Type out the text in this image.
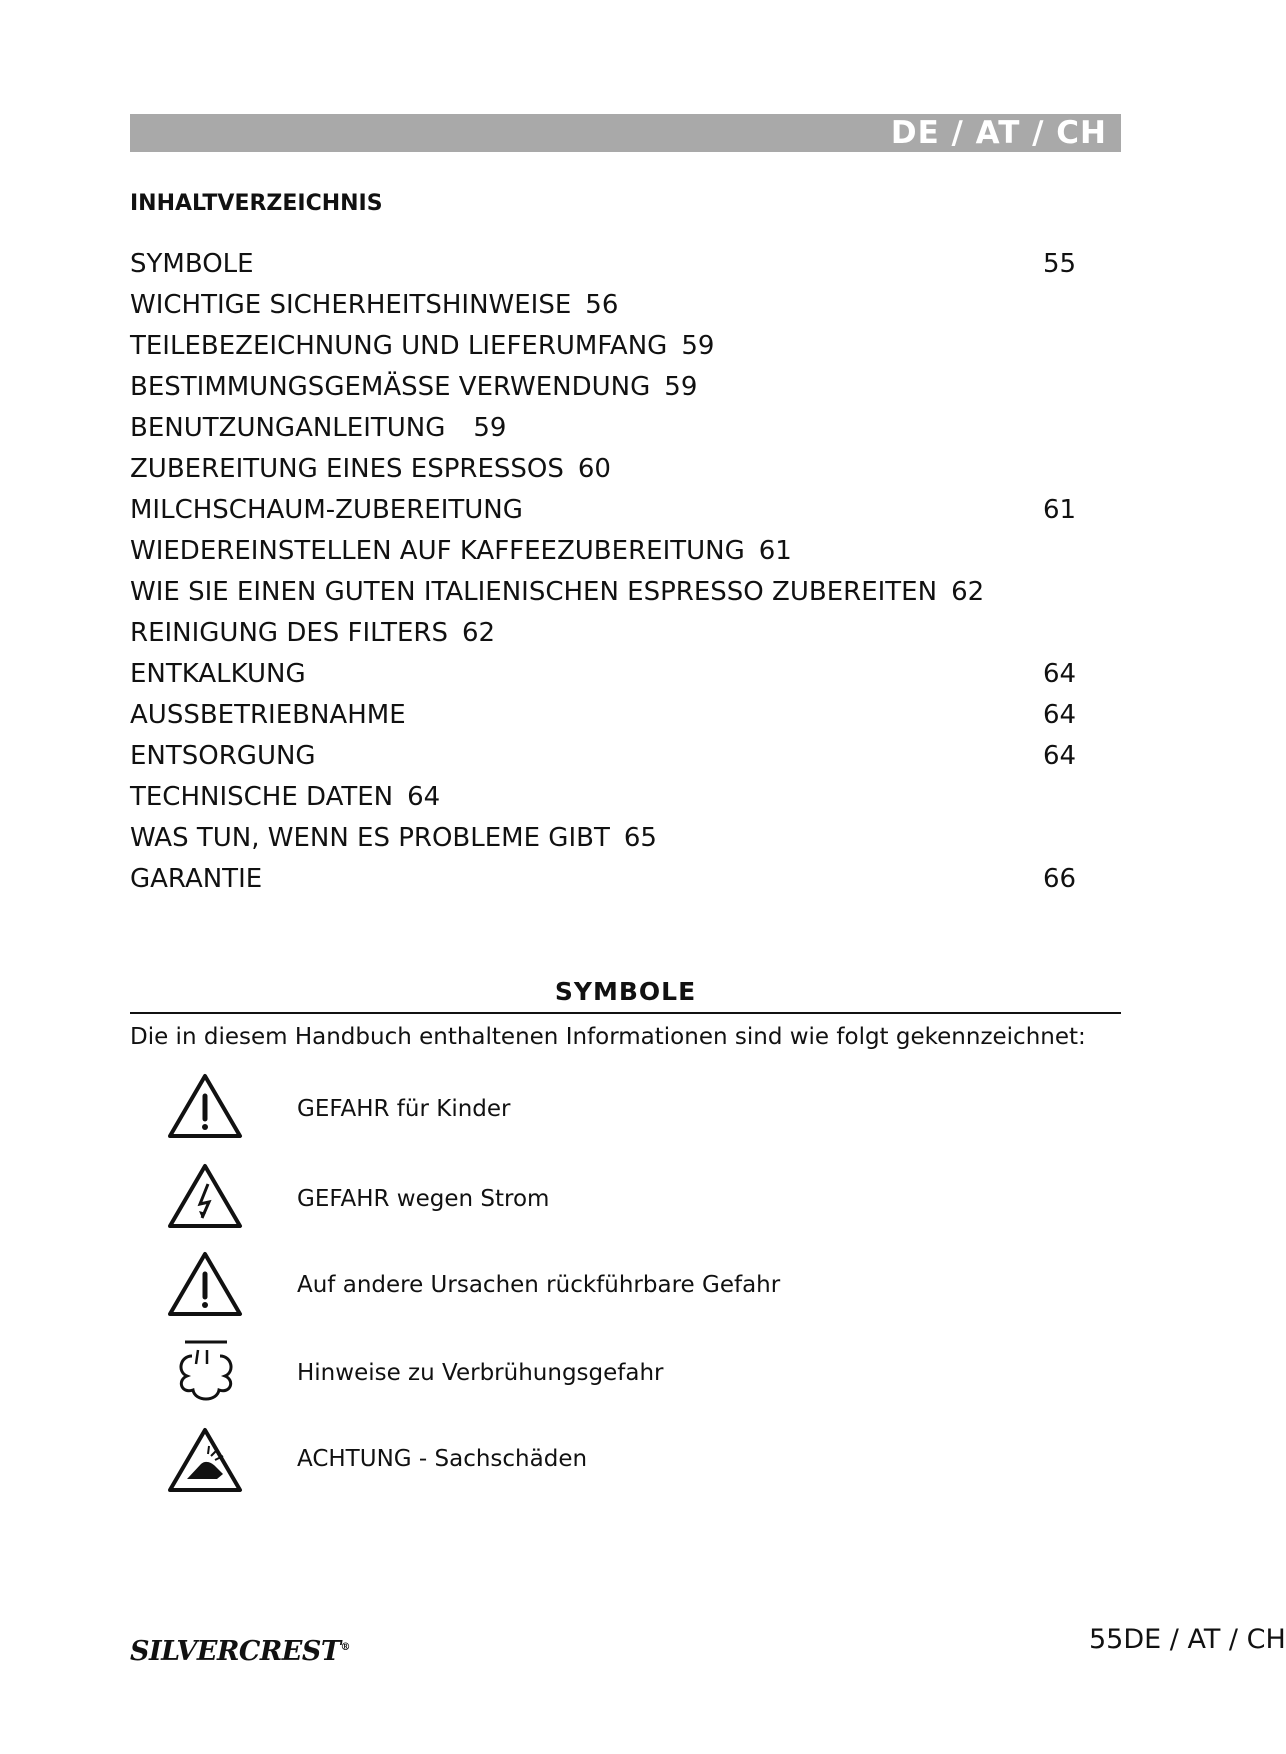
DE / AT / CH
INHALTVERZEICHNIS
SYMBOLE	55
WICHTIGE SICHERHEITSHINWEISE 56
TEILEBEZEICHNUNG UND LIEFERUMFANG 59
BESTIMMUNGSGEMÄSSE VERWENDUNG 59
BENUTZUNGANLEITUNG 59
ZUBEREITUNG EINES ESPRESSOS 60
MILCHSCHAUM-ZUBEREITUNG	61
WIEDEREINSTELLEN AUF KAFFEEZUBEREITUNG 61
WIE SIE EINEN GUTEN ITALIENISCHEN ESPRESSO ZUBEREITEN 62
REINIGUNG DES FILTERS 62
ENTKALKUNG	64
AUSSBETRIEBNAHME	64
ENTSORGUNG	64
TECHNISCHE DATEN 64
WAS TUN, WENN ES PROBLEME GIBT 65
GARANTIE	66
SYMBOLE
Die in diesem Handbuch enthaltenen Informationen sind wie folgt gekennzeichnet:
GEFAHR für Kinder
GEFAHR wegen Strom
Auf andere Ursachen rückführbare Gefahr
Hinweise zu Verbrühungsgefahr
ACHTUNG - Sachschäden
SILVERCREST®	55DE / AT / CH
